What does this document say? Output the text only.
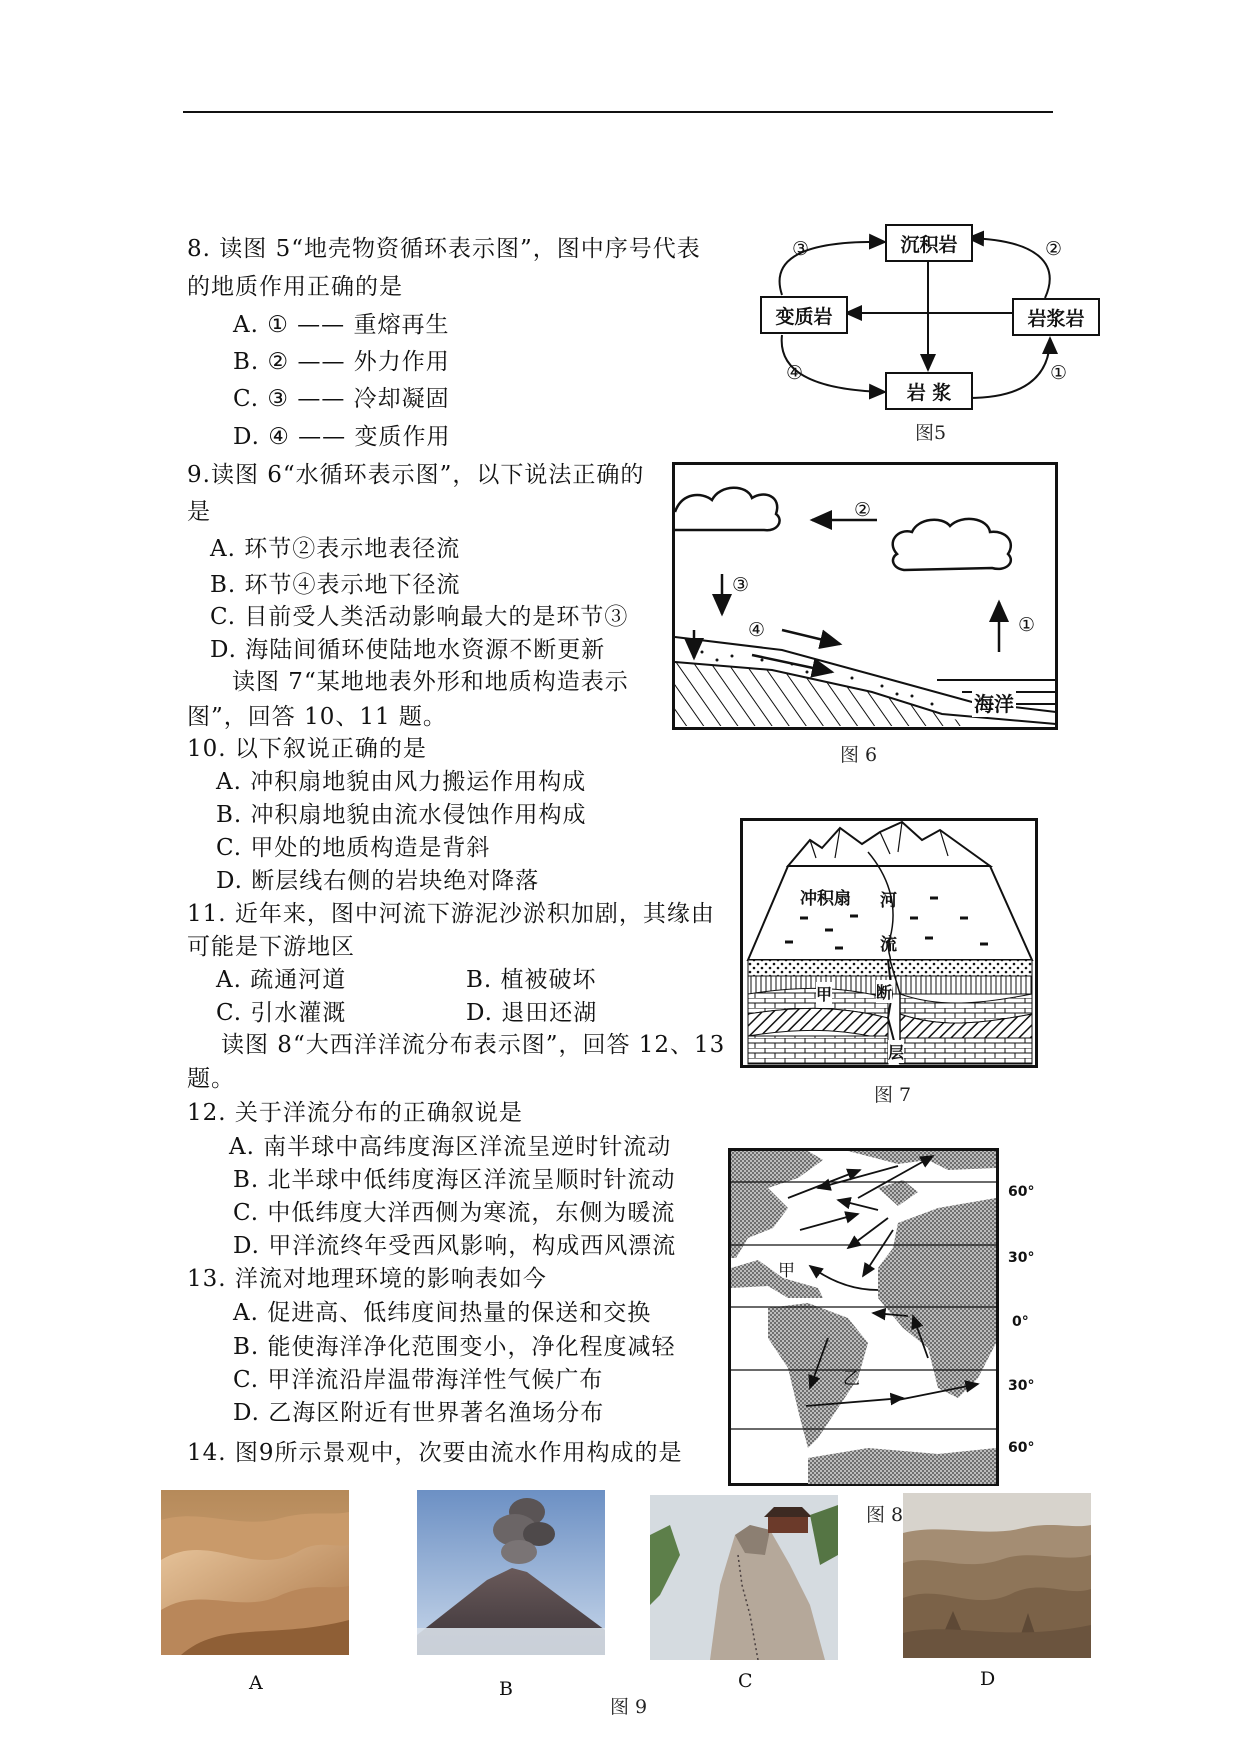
8. 读图 5“地壳物资循环表示图”，图中序号代表
的地质作用正确的是
A. ① —— 重熔再生
B. ② —— 外力作用
C. ③ —— 冷却凝固
D. ④ —— 变质作用
沉积岩
变质岩	岩浆岩
岩 浆
③	②
④	①
图5
9.读图 6“水循环表示图”，以下说法正确的
是
A. 环节②表示地表径流
B. 环节④表示地下径流
C. 目前受人类活动影响最大的是环节③
D. 海陆间循环使陆地水资源不断更新
②
③
①
④
海洋
图 6
读图 7“某地地表外形和地质构造表示
图”，回答 10、11 题。
10. 以下叙说正确的是
A. 冲积扇地貌由风力搬运作用构成
B. 冲积扇地貌由流水侵蚀作用构成
C. 甲处的地质构造是背斜
D. 断层线右侧的岩块绝对降落
11. 近年来，图中河流下游泥沙淤积加剧，其缘由
可能是下游地区
A. 疏通河道	B. 植被破坏
C. 引水灌溉	D. 退田还湖
冲积扇 河
流
甲	断
层
图 7
读图 8“大西洋洋流分布表示图”，回答 12、13
题。
12. 关于洋流分布的正确叙说是
A. 南半球中高纬度海区洋流呈逆时针流动
B. 北半球中低纬度海区洋流呈顺时针流动
C. 中低纬度大洋西侧为寒流，东侧为暖流
D. 甲洋流终年受西风影响，构成西风漂流
13. 洋流对地理环境的影响表如今
A. 促进高、低纬度间热量的保送和交换
B. 能使海洋净化范围变小，净化程度减轻
C. 甲洋流沿岸温带海洋性气候广布
D. 乙海区附近有世界著名渔场分布
14. 图9所示景观中，次要由流水作用构成的是
甲
乙
60°
30°
0°
30°
60°
图 8
A	B	C	D
图 9
